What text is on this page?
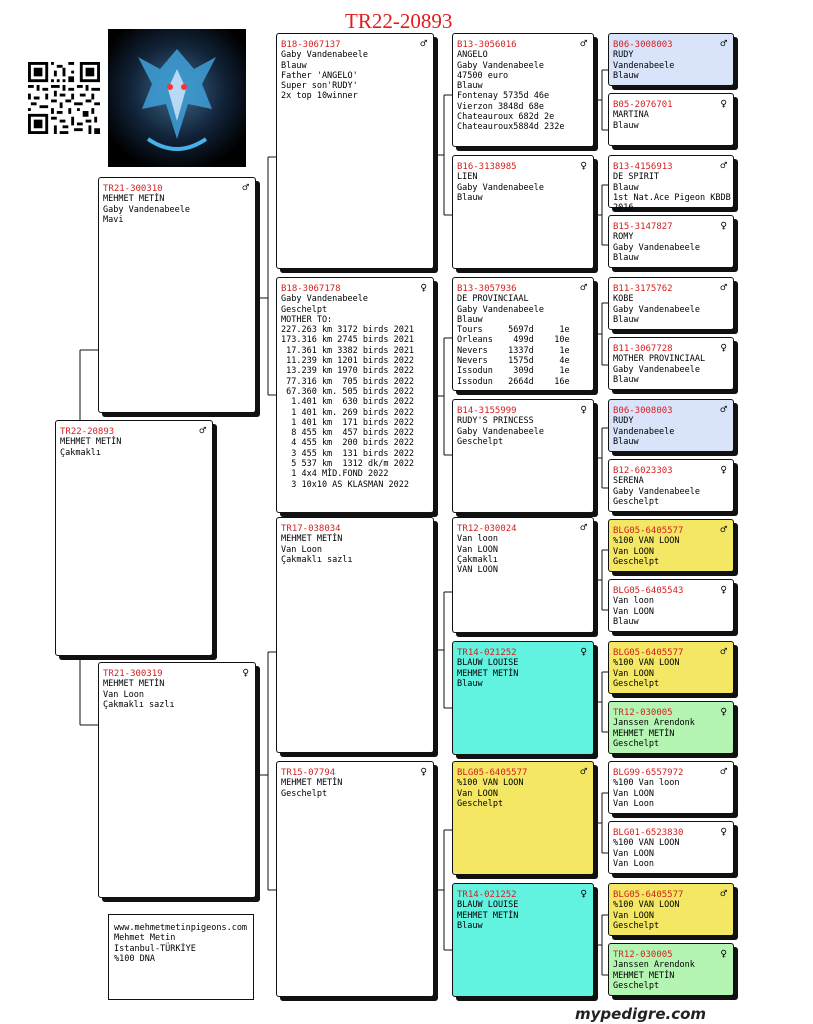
TR22-20893
TR22-20893	♂
MEHMET METİN
Çakmaklı
TR21-300310	♂
MEHMET METİN
Gaby Vandenabeele
Mavi
TR21-300319	♀
MEHMET METİN
Van Loon
Çakmaklı sazlı
B18-3067137	♂
Gaby Vandenabeele
Blauw
Father 'ANGELO'
Super son'RUDY'
2x top 10winner
B18-3067178	♀
Gaby Vandenabeele
Geschelpt
MOTHER TO:
227.263 km 3172 birds 2021
173.316 km 2745 birds 2021
17.361 km 3382 birds 2021
11.239 km 1201 birds 2022
13.239 km 1970 birds 2022
77.316 km  705 birds 2022
67.360 km. 505 birds 2022
1.401 km  630 birds 2022
1 401 km. 269 birds 2022
1 401 km  171 birds 2022
8 455 km  457 birds 2022
4 455 km  200 birds 2022
3 455 km  131 birds 2022
5 537 km  1312 dk/m 2022
1 4x4 MİD.FOND 2022
3 10x10 AS KLASMAN 2022
TR17-038034
MEHMET METİN
Van Loon
Çakmaklı sazlı
TR15-07794	♀
MEHMET METİN
Geschelpt
B13-3056016	♂
ANGELO
Gaby Vandenabeele
47500 euro
Blauw
Fontenay 5735d 46e
Vierzon 3848d 68e
Chateauroux 682d 2e
Chateauroux5884d 232e
B16-3138985	♀
LIEN
Gaby Vandenabeele
Blauw
B13-3057936	♂
DE PROVINCIAAL
Gaby Vandenabeele
Blauw
Tours     5697d     1e
Orleans    499d    10e
Nevers    1337d     1e
Nevers    1575d     4e
Issodun    309d     1e
Issodun   2664d    16e
B14-3155999	♀
RUDY'S PRINCESS
Gaby Vandenabeele
Geschelpt
TR12-030024	♂
Van loon
Van LOON
Çakmaklı
VAN LOON
TR14-021252	♀
BLAUW LOUISE
MEHMET METİN
Blauw
BLG05-6405577	♂
%100 VAN LOON
Van LOON
Geschelpt
TR14-021252	♀
BLAUW LOUISE
MEHMET METİN
Blauw
B06-3008003	♂
RUDY
Vandenabeele
Blauw
B05-2076701	♀
MARTINA
Blauw
B13-4156913	♂
DE SPIRIT
Blauw
1st Nat.Ace Pigeon KBDB
2016
B15-3147827	♀
ROMY
Gaby Vandenabeele
Blauw
B11-3175762	♂
KOBE
Gaby Vandenabeele
Blauw
B11-3067728	♀
MOTHER PROVINCIAAL
Gaby Vandenabeele
Blauw
B06-3008003	♂
RUDY
Vandenabeele
Blauw
B12-6023303	♀
SERENA
Gaby Vandenabeele
Geschelpt
BLG05-6405577	♂
%100 VAN LOON
Van LOON
Geschelpt
BLG05-6405543	♀
Van loon
Van LOON
Blauw
BLG05-6405577	♂
%100 VAN LOON
Van LOON
Geschelpt
TR12-030005	♀
Janssen Arendonk
MEHMET METİN
Geschelpt
BLG99-6557972	♂
%100 Van loon
Van LOON
Van Loon
BLG01-6523830	♀
%100 VAN LOON
Van LOON
Van Loon
BLG05-6405577	♂
%100 VAN LOON
Van LOON
Geschelpt
TR12-030005	♀
Janssen Arendonk
MEHMET METİN
Geschelpt
www.mehmetmetinpigeons.com
Mehmet Metin
Istanbul-TÜRKİYE
%100 DNA
mypedigre.com
